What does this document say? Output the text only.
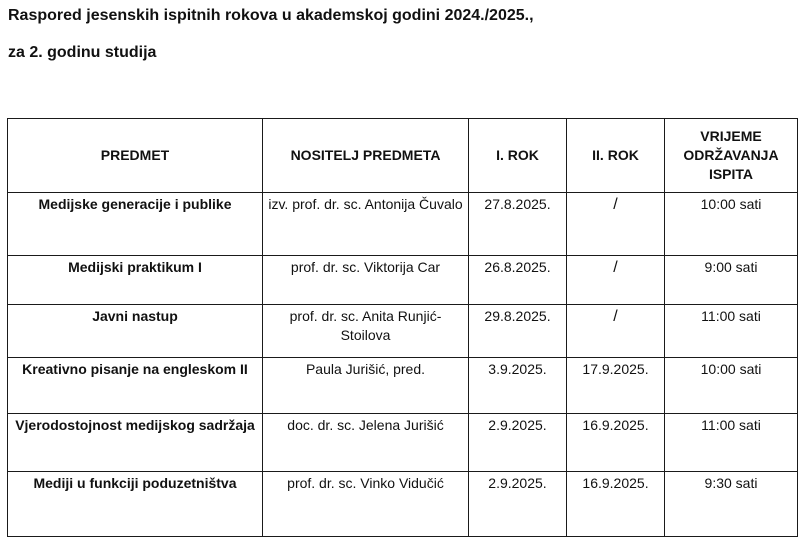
Raspored jesenskih ispitnih rokova u akademskoj godini 2024./2025.,
za 2. godinu studija
PREDMET	NOSITELJ PREDMETA	I. ROK	II. ROK	VRIJEME
ODRŽAVANJA
ISPITA

Medijske generacije i publike	izv. prof. dr. sc. Antonija Čuvalo	27.8.2025.	/	10:00 sati
Medijski praktikum I	prof. dr. sc. Viktorija Car	26.8.2025.	/	9:00 sati
Javni nastup	prof. dr. sc. Anita Runjić-Stoilova	29.8.2025.	/	11:00 sati
Kreativno pisanje na engleskom II	Paula Jurišić, pred.	3.9.2025.	17.9.2025.	10:00 sati
Vjerodostojnost medijskog sadržaja	doc. dr. sc. Jelena Jurišić	2.9.2025.	16.9.2025.	11:00 sati
Mediji u funkciji poduzetništva	prof. dr. sc. Vinko Vidučić	2.9.2025.	16.9.2025.	9:30 sati
